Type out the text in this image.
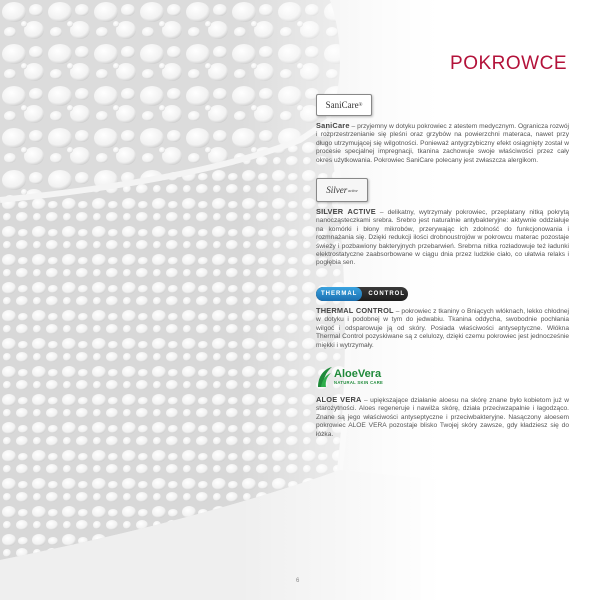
POKROWCE
SaniCare ®

SaniCare – przyjemny w dotyku pokrowiec z atestem medycznym. Ogranicza rozwój i rozprzestrzenianie się pleśni oraz grzybów na powierzchni materaca, nawet przy długo utrzymującej się wilgotności. Ponieważ antygrzybiczny efekt osiągnięty został w procesie specjalnej impregnacji, tkanina zachowuje swoje właściwości przez cały okres użytkowania. Pokrowiec SaniCare polecany jest zwłaszcza alergikom.

Silver active

SILVER ACTIVE – delikatny, wytrzymały pokrowiec, przeplatany nitką pokrytą nanocząsteczkami srebra. Srebro jest naturalnie antybakteryjne: aktywnie oddziałuje na komórki i błony mikrobów, przerywając ich zdolność do funkcjonowania i rozmnażania się. Dzięki redukcji ilości drobnoustrojów w pokrowcu materac pozostaje świeży i pozbawiony bakteryjnych przebarwień. Srebrna nitka rozładowuje też ładunki elektrostatyczne zaabsorbowane w ciągu dnia przez ludzkie ciało, co ułatwia relaks i pogłębia sen.

THERMAL	CONTROL

THERMAL CONTROL – pokrowiec z tkaniny o Bniących włóknach, lekko chłodnej w dotyku i podobnej w tym do jedwabiu. Tkanina oddycha, swobodnie pochłania wilgoć i odsparowuje ją od skóry. Posiada właściwości antyseptyczne. Włókna Thermal Control pozyskiwane są z celulozy, dzięki czemu pokrowiec jest jednocześnie miękki i wytrzymały.

AloeVera
NATURAL SKIN CARE

ALOE VERA – upiększające działanie aloesu na skórę znane było kobietom już w starożytności. Aloes regeneruje i nawilża skórę, działa przeciwzapalnie i łagodząco. Znane są jego właściwości antyseptyczne i przeciwbakteryjne. Nasączony aloesem pokrowiec ALOE VERA pozostaje blisko Twojej skóry zawsze, gdy kładziesz się do łóżka.

6
